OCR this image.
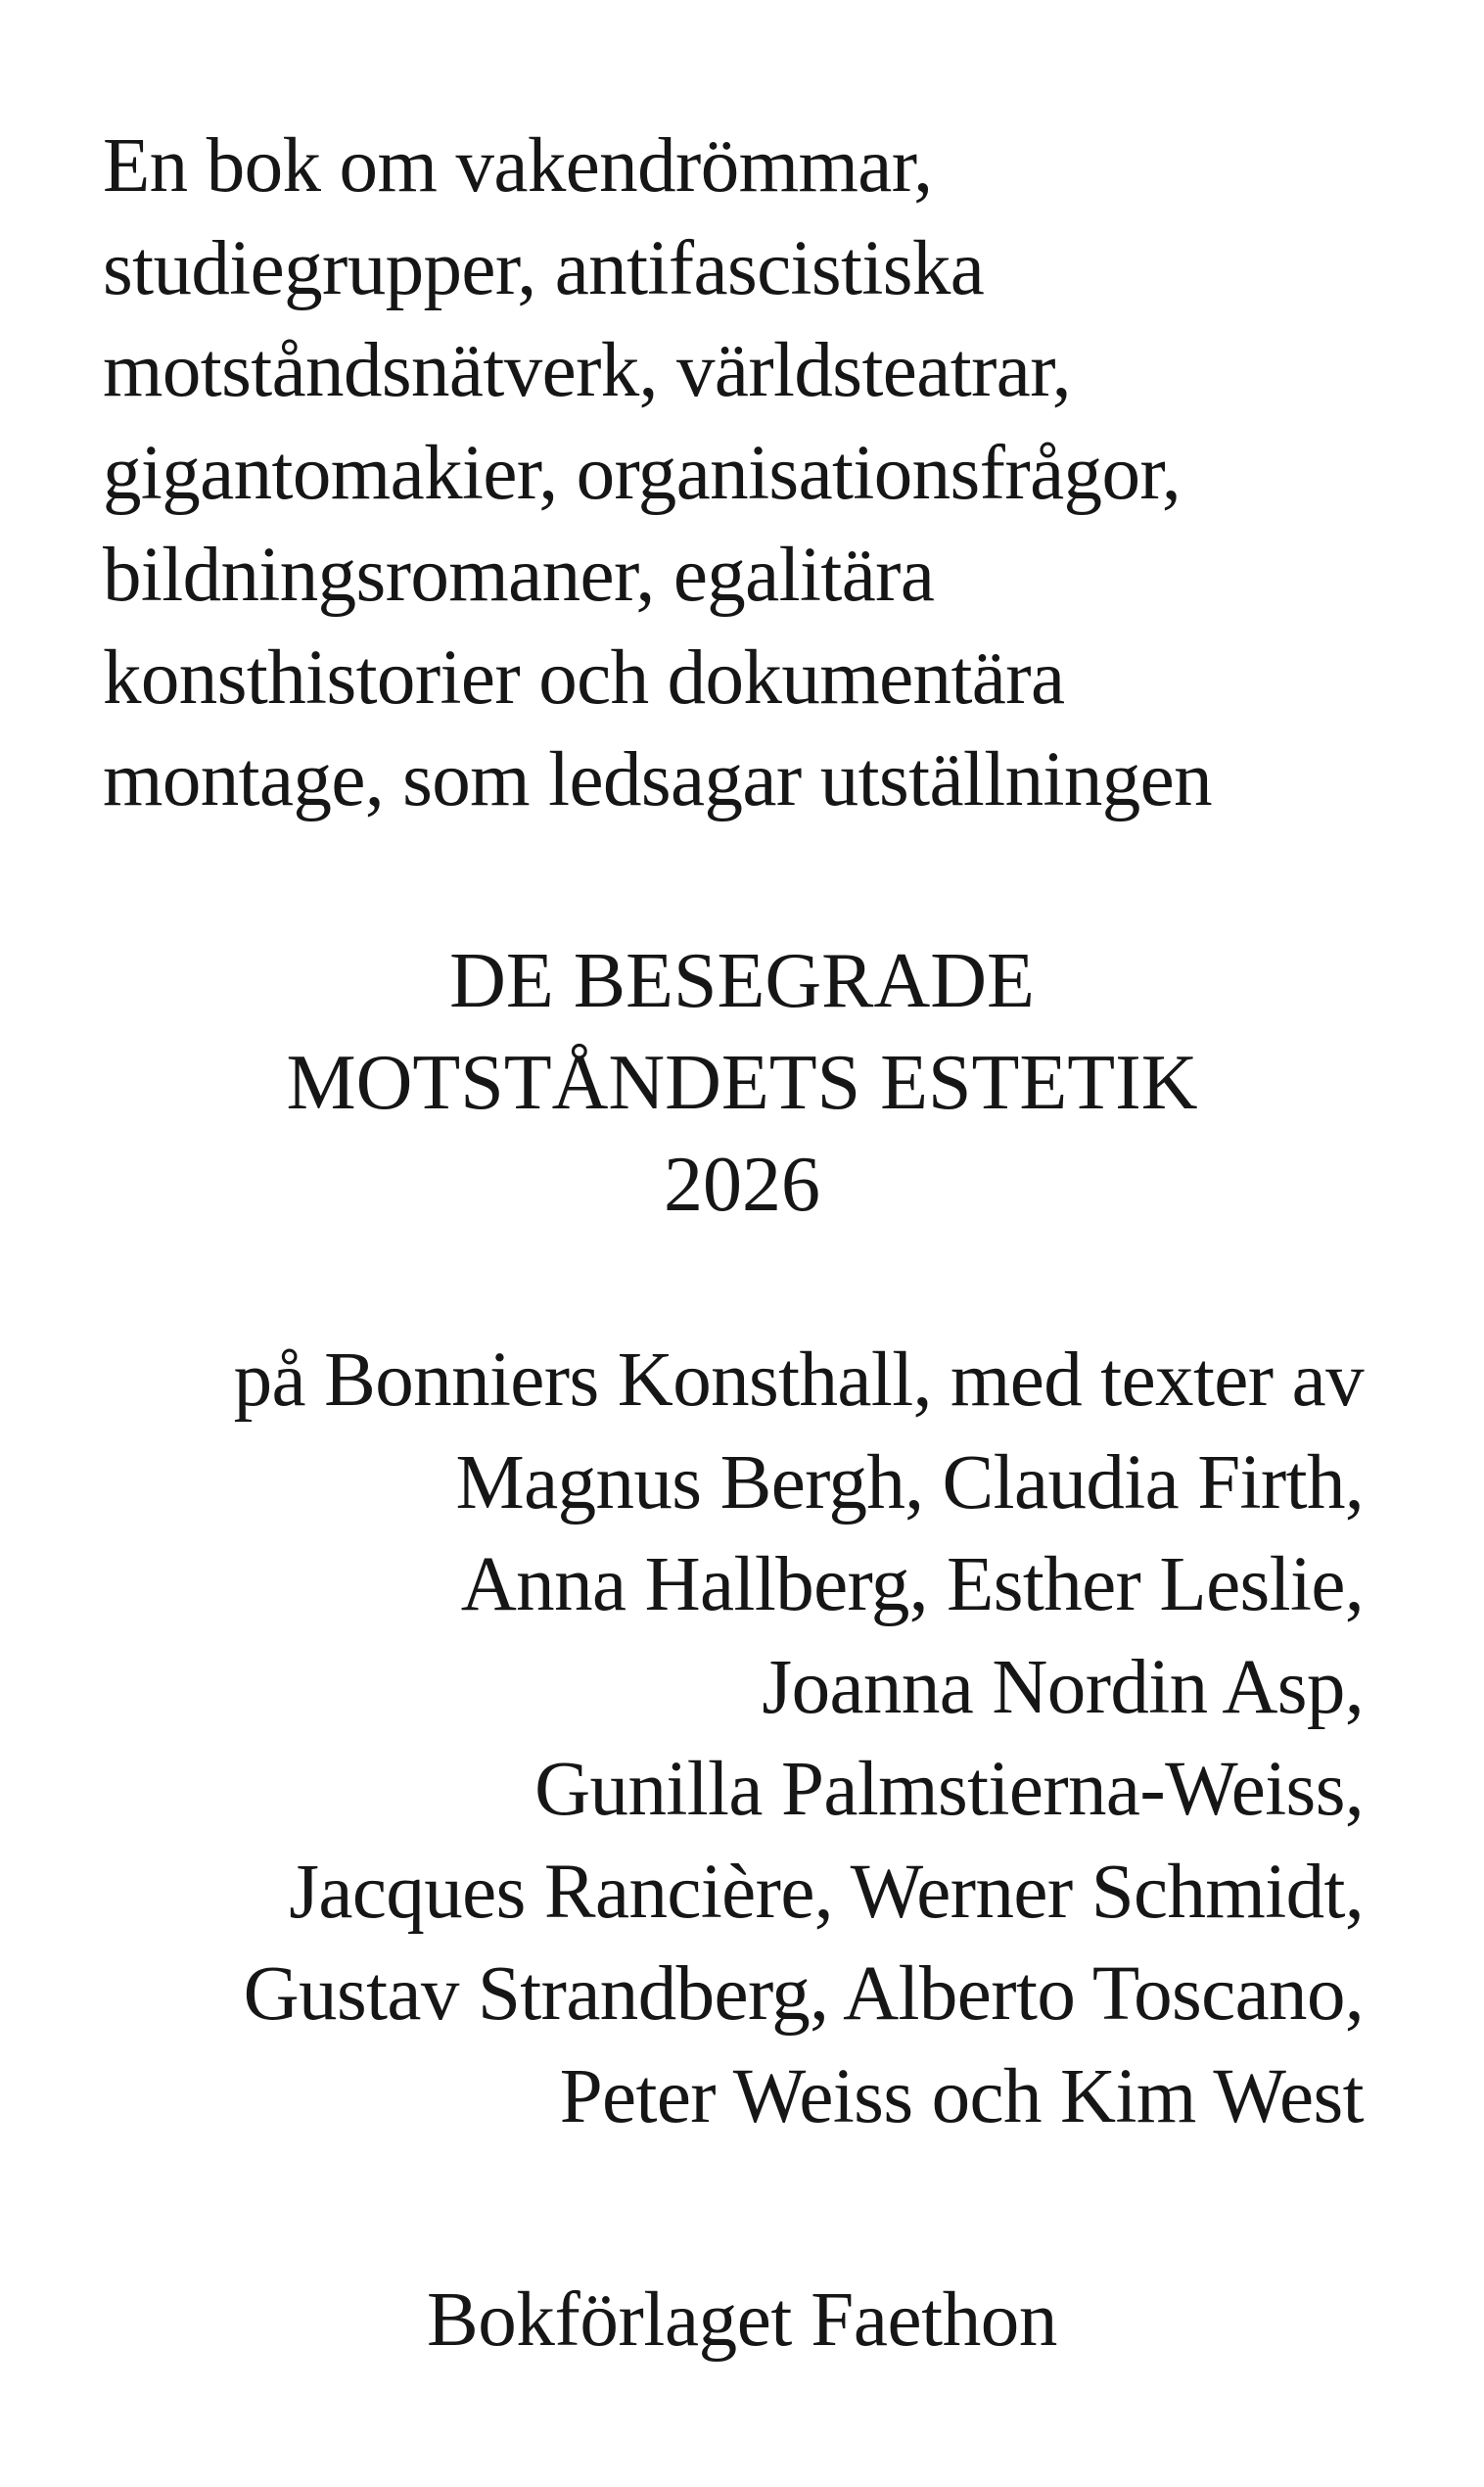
En bok om vakendrömmar,
studiegrupper, antifascistiska
motståndsnätverk, världsteatrar,
gigantomakier, organisationsfrågor,
bildningsromaner, egalitära
konsthistorier och dokumentära
montage, som ledsagar utställningen

DE BESEGRADE
MOTSTÅNDETS ESTETIK
2026
på Bonniers Konsthall, med texter av
Magnus Bergh, Claudia Firth,
Anna Hallberg, Esther Leslie,
Joanna Nordin Asp,
Gunilla Palmstierna-Weiss,
Jacques Rancière, Werner Schmidt,
Gustav Strandberg, Alberto Toscano,
Peter Weiss och Kim West
Bokförlaget Faethon
